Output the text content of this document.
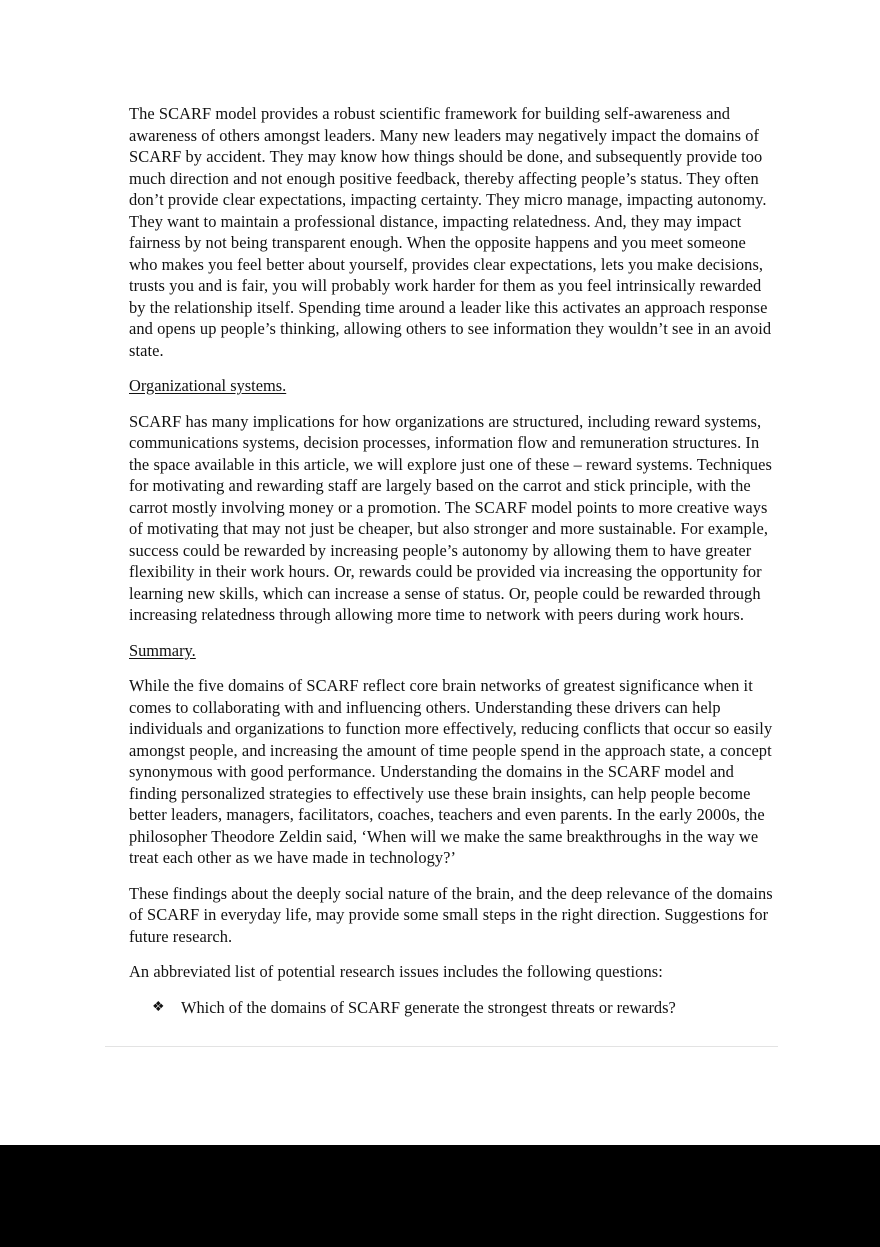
The SCARF model provides a robust scientific framework for building self-awareness and awareness of others amongst leaders. Many new leaders may negatively impact the domains of SCARF by accident. They may know how things should be done, and subsequently provide too much direction and not enough positive feedback, thereby affecting people’s status. They often don’t provide clear expectations, impacting certainty. They micro manage, impacting autonomy. They want to maintain a professional distance, impacting relatedness. And, they may impact fairness by not being transparent enough. When the opposite happens and you meet someone who makes you feel better about yourself, provides clear expectations, lets you make decisions, trusts you and is fair, you will probably work harder for them as you feel intrinsically rewarded by the relationship itself. Spending time around a leader like this activates an approach response and opens up people’s thinking, allowing others to see information they wouldn’t see in an avoid state.

Organizational systems.

SCARF has many implications for how organizations are structured, including reward systems, communications systems, decision processes, information flow and remuneration structures. In the space available in this article, we will explore just one of these – reward systems. Techniques for motivating and rewarding staff are largely based on the carrot and stick principle, with the carrot mostly involving money or a promotion. The SCARF model points to more creative ways of motivating that may not just be cheaper, but also stronger and more sustainable. For example, success could be rewarded by increasing people’s autonomy by allowing them to have greater flexibility in their work hours. Or, rewards could be provided via increasing the opportunity for learning new skills, which can increase a sense of status. Or, people could be rewarded through increasing relatedness through allowing more time to network with peers during work hours.

Summary.

While the five domains of SCARF reflect core brain networks of greatest significance when it comes to collaborating with and influencing others. Understanding these drivers can help individuals and organizations to function more effectively, reducing conflicts that occur so easily amongst people, and increasing the amount of time people spend in the approach state, a concept synonymous with good performance. Understanding the domains in the SCARF model and finding personalized strategies to effectively use these brain insights, can help people become better leaders, managers, facilitators, coaches, teachers and even parents. In the early 2000s, the philosopher Theodore Zeldin said, ‘When will we make the same breakthroughs in the way we treat each other as we have made in technology?’

These findings about the deeply social nature of the brain, and the deep relevance of the domains of SCARF in everyday life, may provide some small steps in the right direction. Suggestions for future research.

An abbreviated list of potential research issues includes the following questions:

❖ Which of the domains of SCARF generate the strongest threats or rewards?
